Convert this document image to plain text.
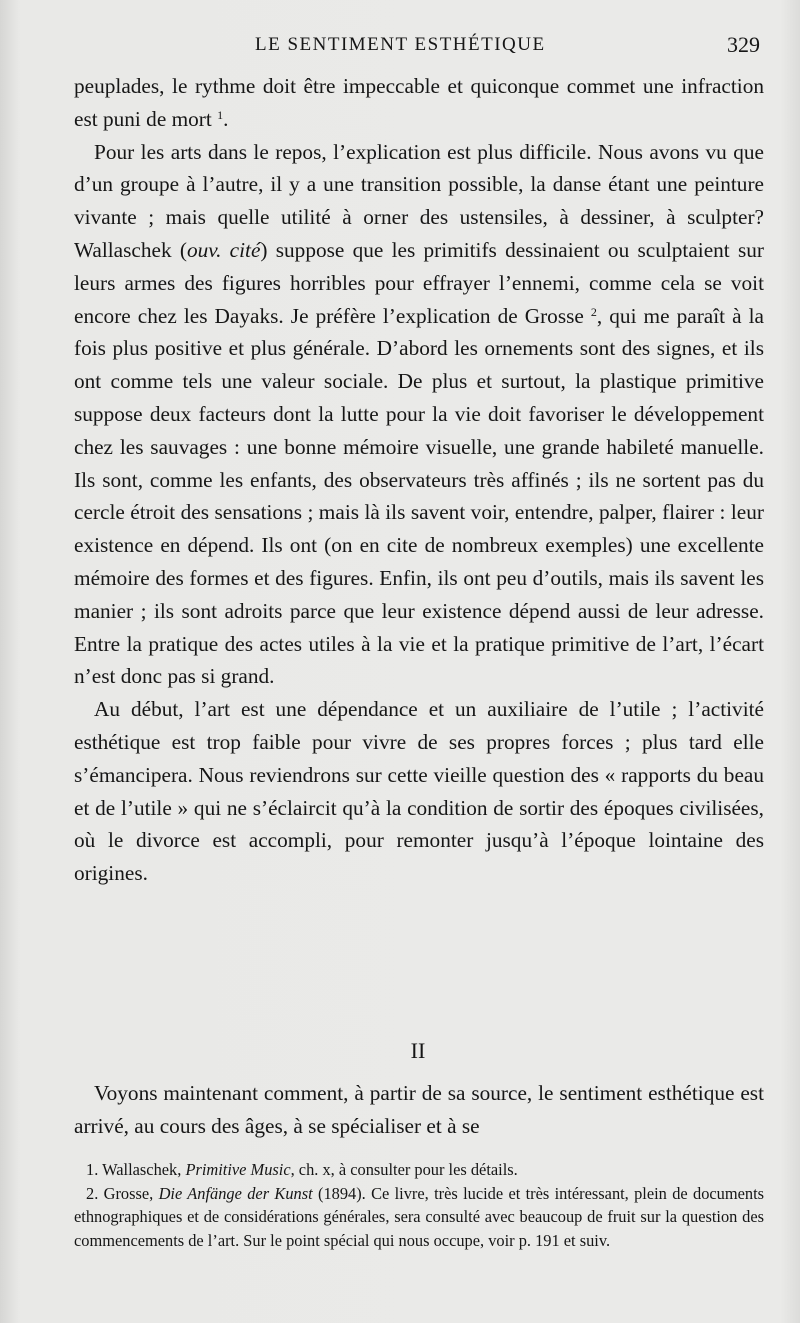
LE SENTIMENT ESTHÉTIQUE	329

peuplades, le rythme doit être impeccable et quiconque commet une infraction est puni de mort $^1$.

Pour les arts dans le repos, l’explication est plus difficile. Nous avons vu que d’un groupe à l’autre, il y a une transition possible, la danse étant une peinture vivante ; mais quelle utilité à orner des ustensiles, à dessiner, à sculpter? Wallaschek (ouv. cité) suppose que les primitifs dessinaient ou sculptaient sur leurs armes des figures horribles pour effrayer l’ennemi, comme cela se voit encore chez les Dayaks. Je préfère l’explication de Grosse $^2$, qui me paraît à la fois plus positive et plus générale. D’abord les ornements sont des signes, et ils ont comme tels une valeur sociale. De plus et surtout, la plastique primitive suppose deux facteurs dont la lutte pour la vie doit favoriser le développement chez les sauvages : une bonne mémoire visuelle, une grande habileté manuelle. Ils sont, comme les enfants, des observateurs très affinés ; ils ne sortent pas du cercle étroit des sensations ; mais là ils savent voir, entendre, palper, flairer : leur existence en dépend. Ils ont (on en cite de nombreux exemples) une excellente mémoire des formes et des figures. Enfin, ils ont peu d’outils, mais ils savent les manier ; ils sont adroits parce que leur existence dépend aussi de leur adresse. Entre la pratique des actes utiles à la vie et la pratique primitive de l’art, l’écart n’est donc pas si grand.

Au début, l’art est une dépendance et un auxiliaire de l’utile ; l’activité esthétique est trop faible pour vivre de ses propres forces ; plus tard elle s’émancipera. Nous reviendrons sur cette vieille question des « rapports du beau et de l’utile » qui ne s’éclaircit qu’à la condition de sortir des époques civilisées, où le divorce est accompli, pour remonter jusqu’à l’époque lointaine des origines.

II

Voyons maintenant comment, à partir de sa source, le sentiment esthétique est arrivé, au cours des âges, à se spécialiser et à se

1. Wallaschek, Primitive Music, ch. x, à consulter pour les détails.

2. Grosse, Die Anfänge der Kunst (1894). Ce livre, très lucide et très intéressant, plein de documents ethnographiques et de considérations générales, sera consulté avec beaucoup de fruit sur la question des commencements de l’art. Sur le point spécial qui nous occupe, voir p. 191 et suiv.
